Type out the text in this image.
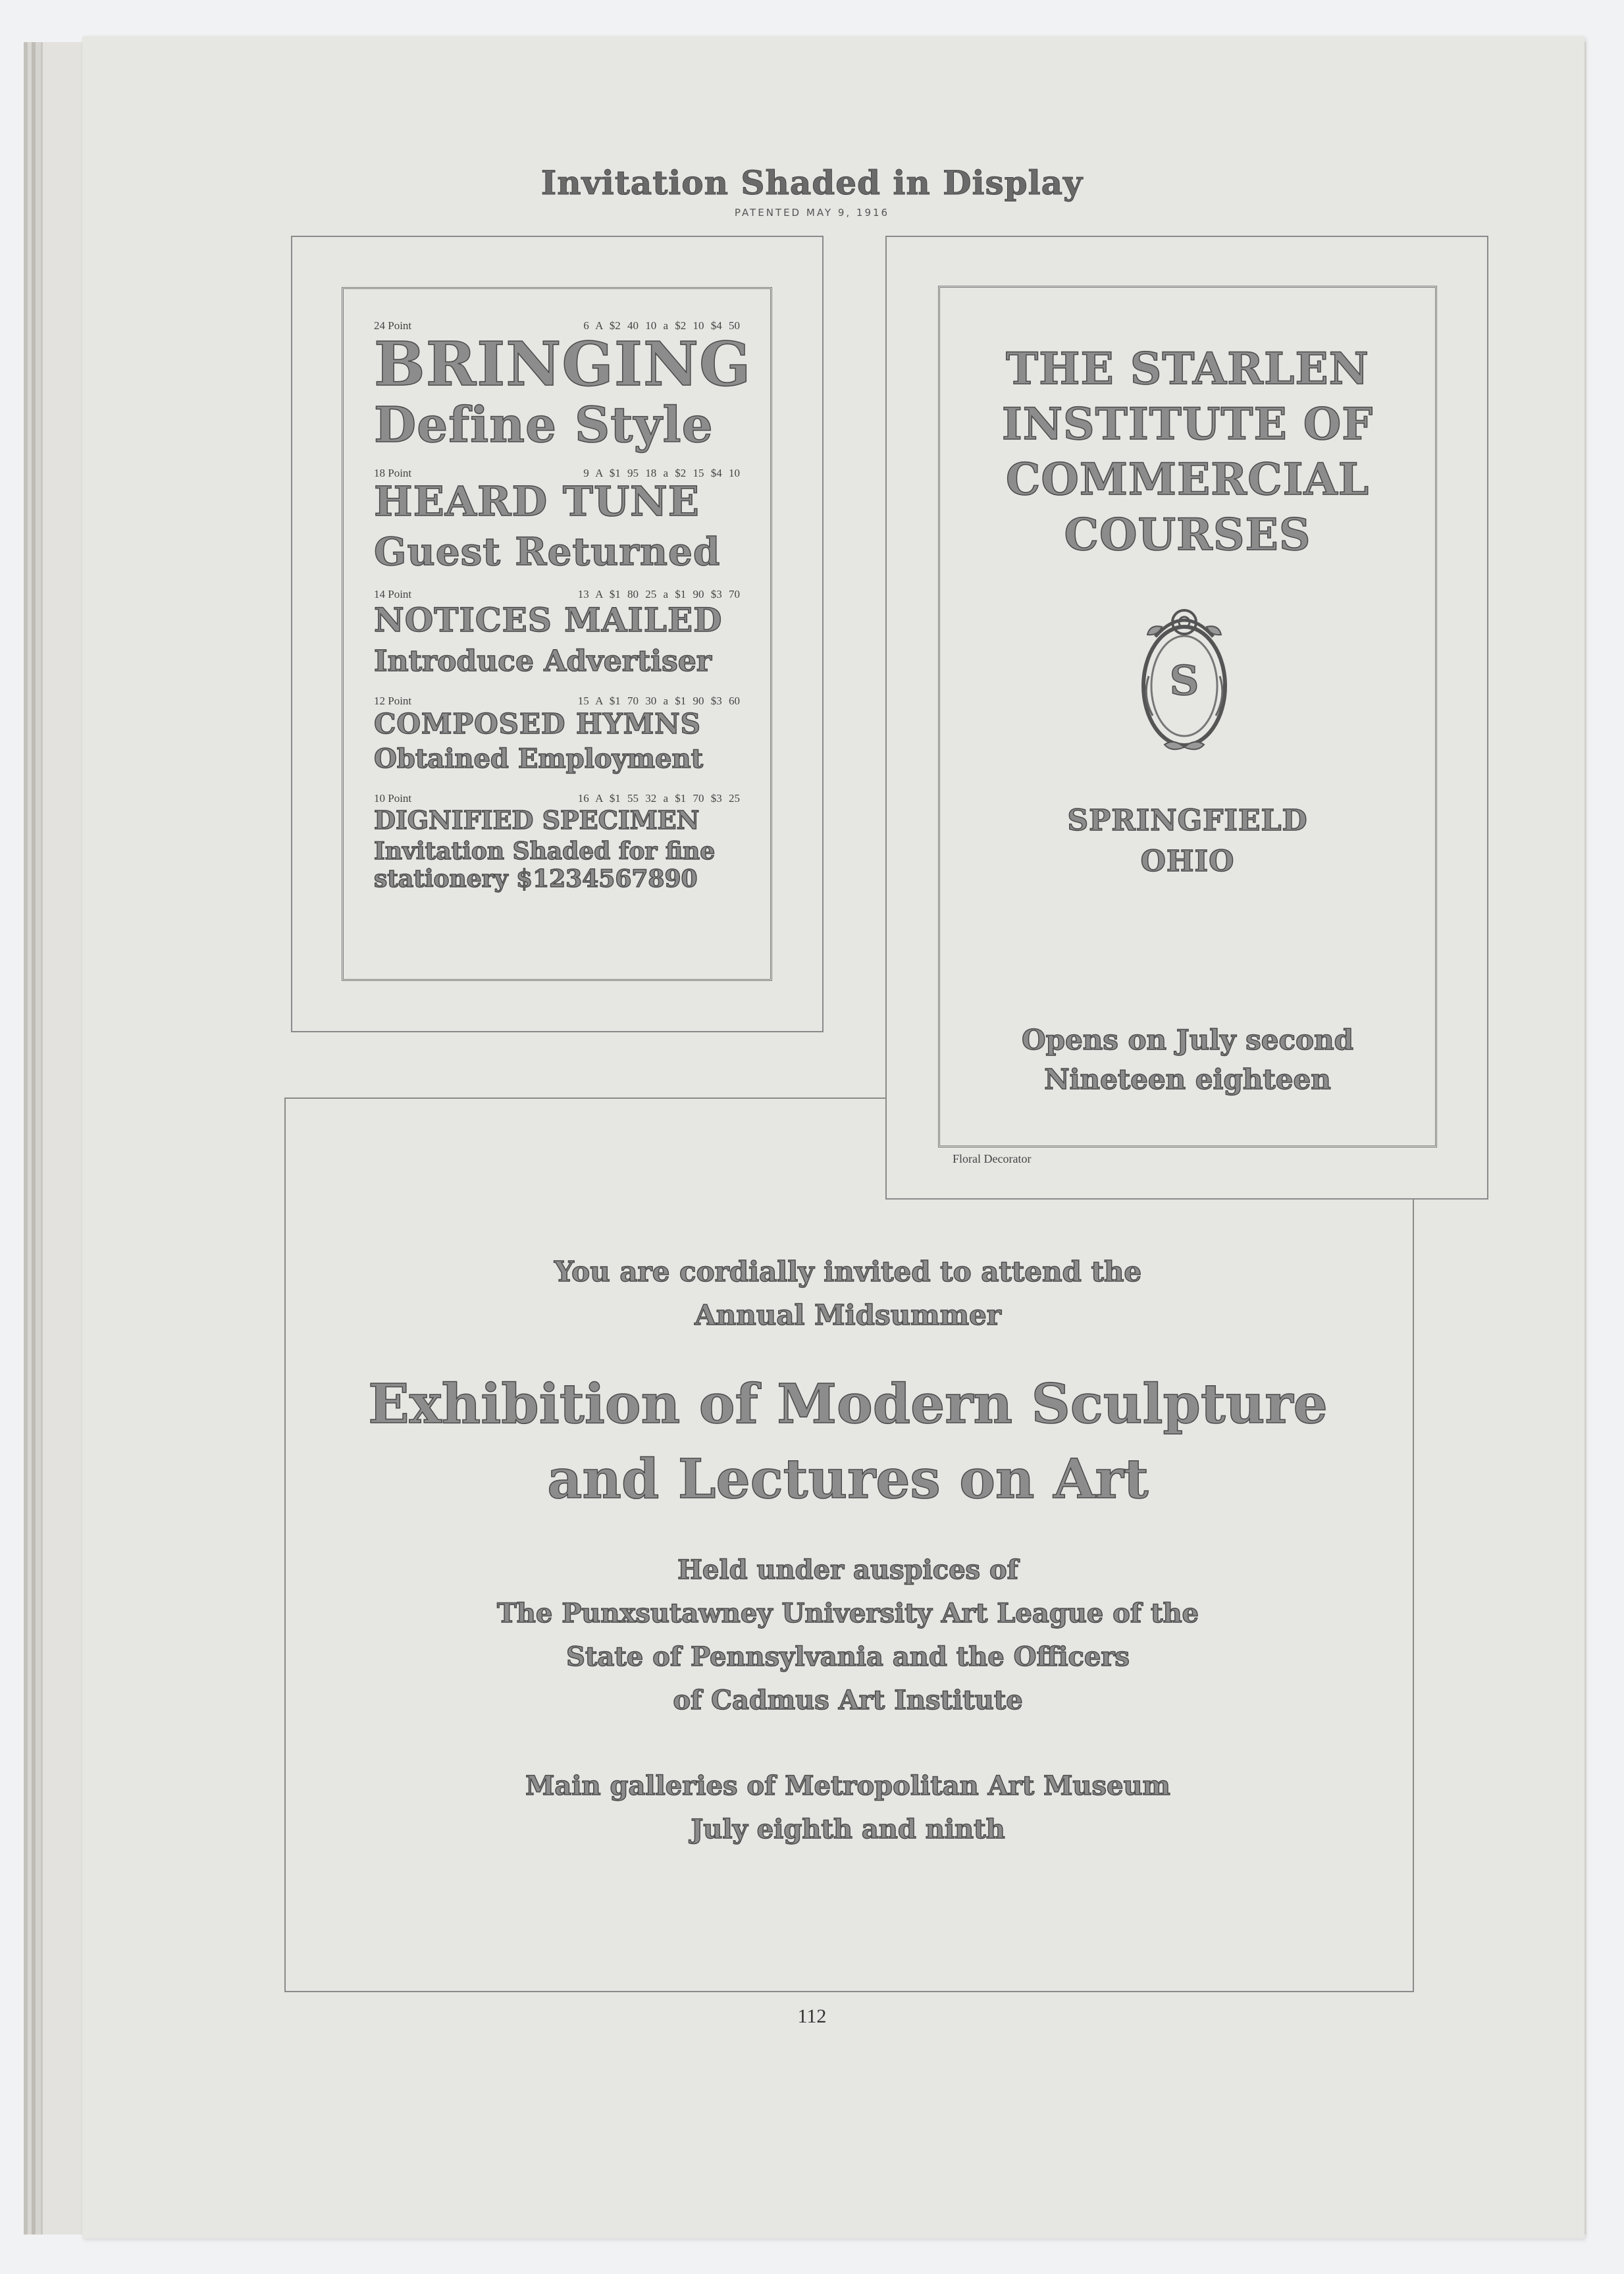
Invitation Shaded in Display
PATENTED MAY 9, 1916
24 Point	6 A $2 40 10 a $2 10 $4 50
BRINGING
Define Style
18 Point	9 A $1 95 18 a $2 15 $4 10
HEARD TUNE
Guest Returned
14 Point	13 A $1 80 25 a $1 90 $3 70
NOTICES MAILED
Introduce Advertiser
12 Point	15 A $1 70 30 a $1 90 $3 60
COMPOSED HYMNS
Obtained Employment
10 Point	16 A $1 55 32 a $1 70 $3 25
DIGNIFIED SPECIMEN
Invitation Shaded for fine
stationery $1234567890
You are cordially invited to attend the
Annual Midsummer
Exhibition of Modern Sculpture
and Lectures on Art
Held under auspices of
The Punxsutawney University Art League of the
State of Pennsylvania and the Officers
of Cadmus Art Institute
Main galleries of Metropolitan Art Museum
July eighth and ninth
THE STARLEN
INSTITUTE OF
COMMERCIAL
COURSES
S
SPRINGFIELD
OHIO
Opens on July second
Nineteen eighteen
Floral Decorator
112
